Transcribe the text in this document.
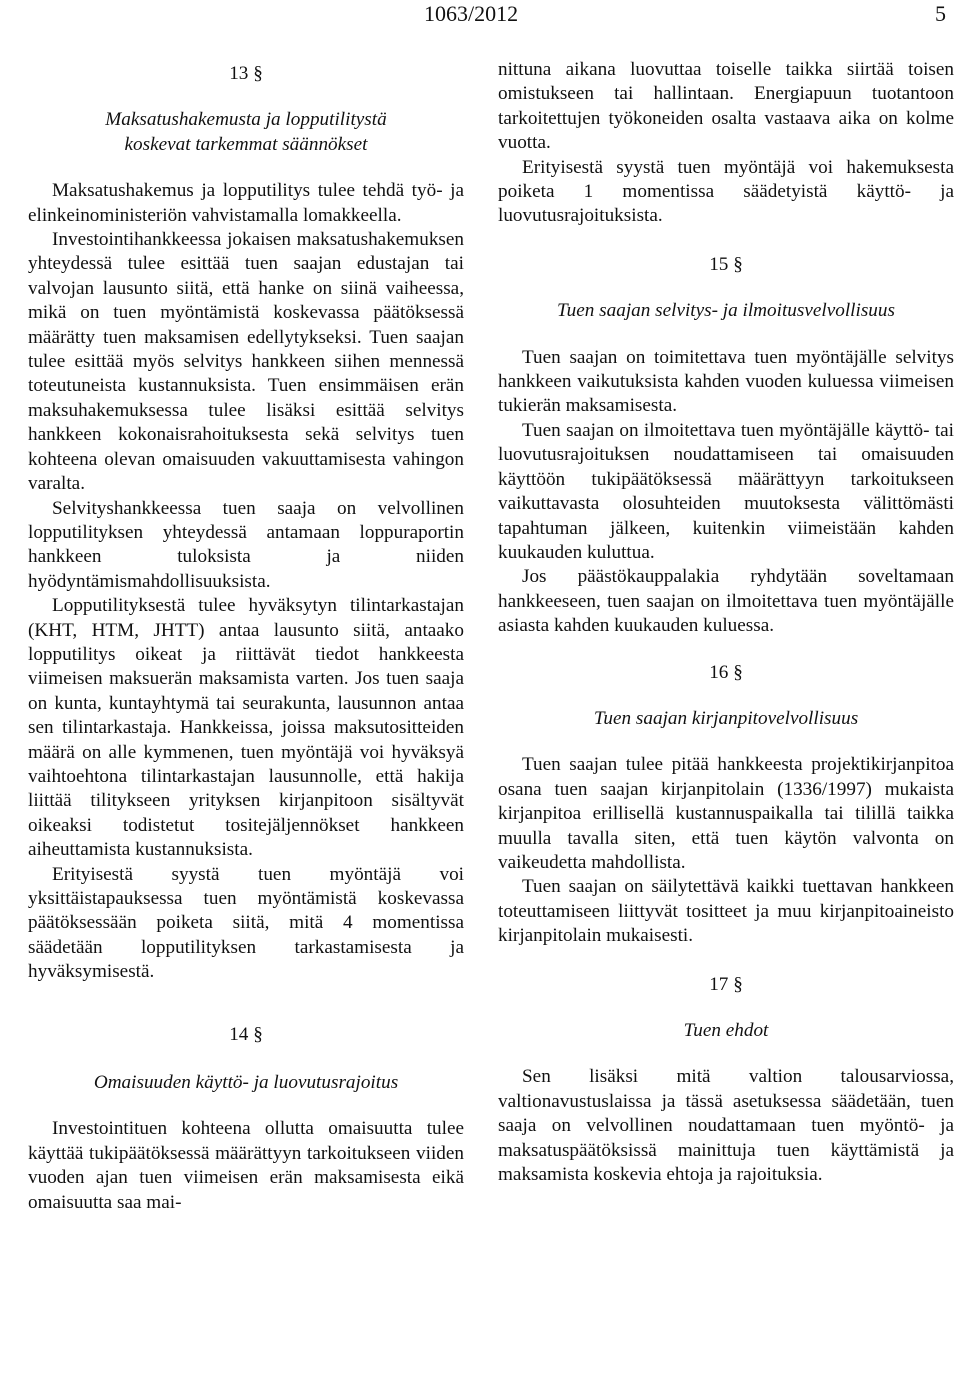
1063/2012	5

13 §

Maksatushakemusta ja lopputilitystä

koskevat tarkemmat säännökset

Maksatushakemus ja lopputilitys tulee tehdä työ- ja elinkeinoministeriön vahvistamalla lomakkeella.

Investointihankkeessa jokaisen maksatushakemuksen yhteydessä tulee esittää tuen saajan edustajan tai valvojan lausunto siitä, että hanke on siinä vaiheessa, mikä on tuen myöntämistä koskevassa päätöksessä määrätty tuen maksamisen edellytykseksi. Tuen saajan tulee esittää myös selvitys hankkeen siihen mennessä toteutuneista kustannuksista. Tuen ensimmäisen erän maksuhakemuksessa tulee lisäksi esittää selvitys hankkeen kokonaisrahoituksesta sekä selvitys tuen kohteena olevan omaisuuden vakuuttamisesta vahingon varalta.

Selvityshankkeessa tuen saaja on velvollinen lopputilityksen yhteydessä antamaan loppuraportin hankkeen tuloksista ja niiden hyödyntämismahdollisuuksista.

Lopputilityksestä tulee hyväksytyn tilintarkastajan (KHT, HTM, JHTT) antaa lausunto siitä, antaako lopputilitys oikeat ja riittävät tiedot hankkeesta viimeisen maksuerän maksamista varten. Jos tuen saaja on kunta, kuntayhtymä tai seurakunta, lausunnon antaa sen tilintarkastaja. Hankkeissa, joissa maksutositteiden määrä on alle kymmenen, tuen myöntäjä voi hyväksyä vaihtoehtona tilintarkastajan lausunnolle, että hakija liittää tilitykseen yrityksen kirjanpitoon sisältyvät oikeaksi todistetut tositejäljennökset hankkeen aiheuttamista kustannuksista.

Erityisestä syystä tuen myöntäjä voi yksittäistapauksessa tuen myöntämistä koskevassa päätöksessään poiketa siitä, mitä 4 momentissa säädetään lopputilityksen tarkastamisesta ja hyväksymisestä.

14 §

Omaisuuden käyttö- ja luovutusrajoitus

Investointituen kohteena ollutta omaisuutta tulee käyttää tukipäätöksessä määrättyyn tarkoitukseen viiden vuoden ajan tuen viimeisen erän maksamisesta eikä omaisuutta saa mai-

nittuna aikana luovuttaa toiselle taikka siirtää toisen omistukseen tai hallintaan. Energiapuun tuotantoon tarkoitettujen työkoneiden osalta vastaava aika on kolme vuotta.

Erityisestä syystä tuen myöntäjä voi hakemuksesta poiketa 1 momentissa säädetyistä käyttö- ja luovutusrajoituksista.

15 §

Tuen saajan selvitys- ja ilmoitusvelvollisuus

Tuen saajan on toimitettava tuen myöntäjälle selvitys hankkeen vaikutuksista kahden vuoden kuluessa viimeisen tukierän maksamisesta.

Tuen saajan on ilmoitettava tuen myöntäjälle käyttö- tai luovutusrajoituksen noudattamiseen tai omaisuuden käyttöön tukipäätöksessä määrättyyn tarkoitukseen vaikuttavasta olosuhteiden muutoksesta välittömästi tapahtuman jälkeen, kuitenkin viimeistään kahden kuukauden kuluttua.

Jos päästökauppalakia ryhdytään soveltamaan hankkeeseen, tuen saajan on ilmoitettava tuen myöntäjälle asiasta kahden kuukauden kuluessa.

16 §

Tuen saajan kirjanpitovelvollisuus

Tuen saajan tulee pitää hankkeesta projektikirjanpitoa osana tuen saajan kirjanpitolain (1336/1997) mukaista kirjanpitoa erillisellä kustannuspaikalla tai tilillä taikka muulla tavalla siten, että tuen käytön valvonta on vaikeudetta mahdollista.

Tuen saajan on säilytettävä kaikki tuettavan hankkeen toteuttamiseen liittyvät tositteet ja muu kirjanpitoaineisto kirjanpitolain mukaisesti.

17 §

Tuen ehdot

Sen lisäksi mitä valtion talousarviossa, valtionavustuslaissa ja tässä asetuksessa säädetään, tuen saaja on velvollinen noudattamaan tuen myöntö- ja maksatuspäätöksissä mainittuja tuen käyttämistä ja maksamista koskevia ehtoja ja rajoituksia.
